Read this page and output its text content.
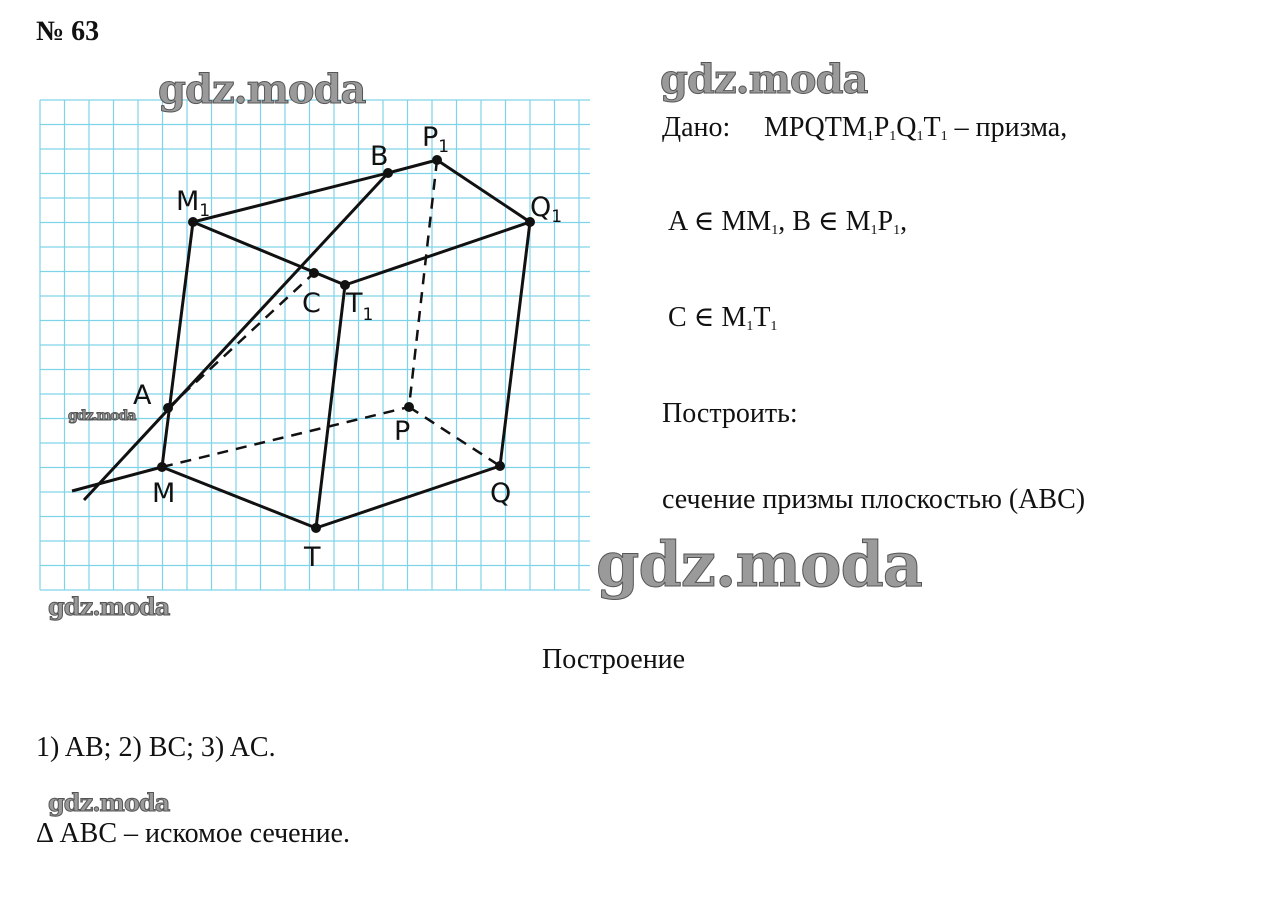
№ 63
$M_1$
B
$P_1$
$Q_1$
C $T_1$
A
M
P
Q
T
gdz.moda	gdz.moda
gdz.moda
gdz.moda
gdz.moda
gdz.moda
Дано: $MPQTM_1P_1Q_1T_1$ – призма,
A ∈ $MM_1$, B ∈ $M_1P_1$,
C ∈ $M_1T_1$
Построить:
сечение призмы плоскостью (ABC)
Построение
1) AB; 2) BC; 3) AC.
Δ ABC – искомое сечение.
